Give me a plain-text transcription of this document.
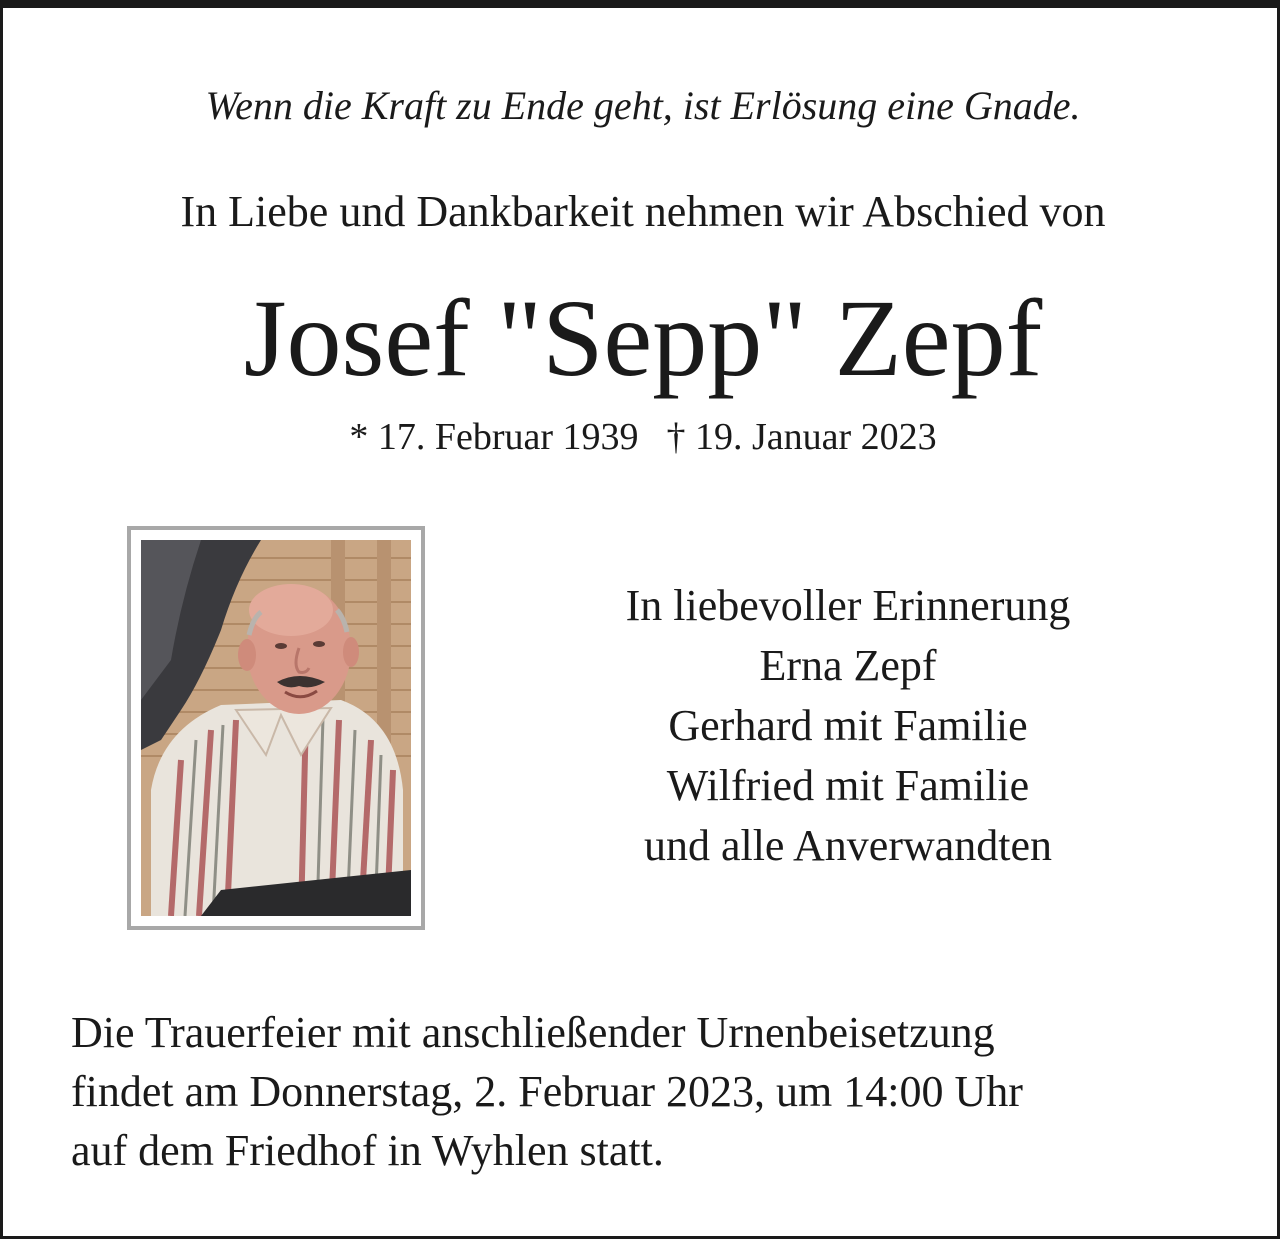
Wenn die Kraft zu Ende geht, ist Erlösung eine Gnade.
In Liebe und Dankbarkeit nehmen wir Abschied von
Josef "Sepp" Zepf
* 17. Februar 1939 † 19. Januar 2023
In liebevoller Erinnerung
Erna Zepf
Gerhard mit Familie
Wilfried mit Familie
und alle Anverwandten
Die Trauerfeier mit anschließender Urnenbeisetzung
findet am Donnerstag, 2. Februar 2023, um 14:00 Uhr
auf dem Friedhof in Wyhlen statt.
